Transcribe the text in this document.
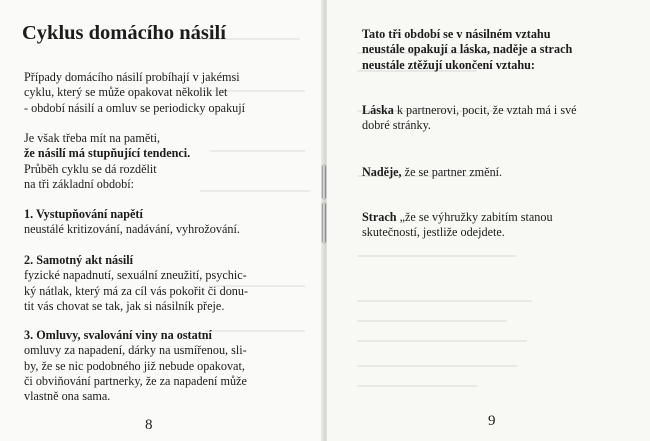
Cyklus domácího násilí

Případy domácího násilí probíhají v jakémsi
cyklu, který se může opakovat několik let
- období násilí a omluv se periodicky opakují

Je však třeba mít na paměti,
že násilí má stupňující tendenci.
Průběh cyklu se dá rozdělit
na tři základní období:

1. Vystupňování napětí
neustálé kritizování, nadávání, vyhrožování.

2. Samotný akt násilí
fyzické napadnutí, sexuální zneužití, psychic-
ký nátlak, který má za cíl vás pokořit či donu-
tit vás chovat se tak, jak si násilník přeje.

3. Omluvy, svalování viny na ostatní
omluvy za napadení, dárky na usmířenou, sli-
by, že se nic podobného již nebude opakovat,
či obviňování partnerky, že za napadení může
vlastně ona sama.

8

Tato tři období se v násilném vztahu
neustále opakují a láska, naděje a strach
neustále ztěžují ukončení vztahu:

Láska k partnerovi, pocit, že vztah má i své
dobré stránky.

Naděje, že se partner změní.

Strach „že se výhružky zabitím stanou
skutečností, jestliže odejdete.

9
